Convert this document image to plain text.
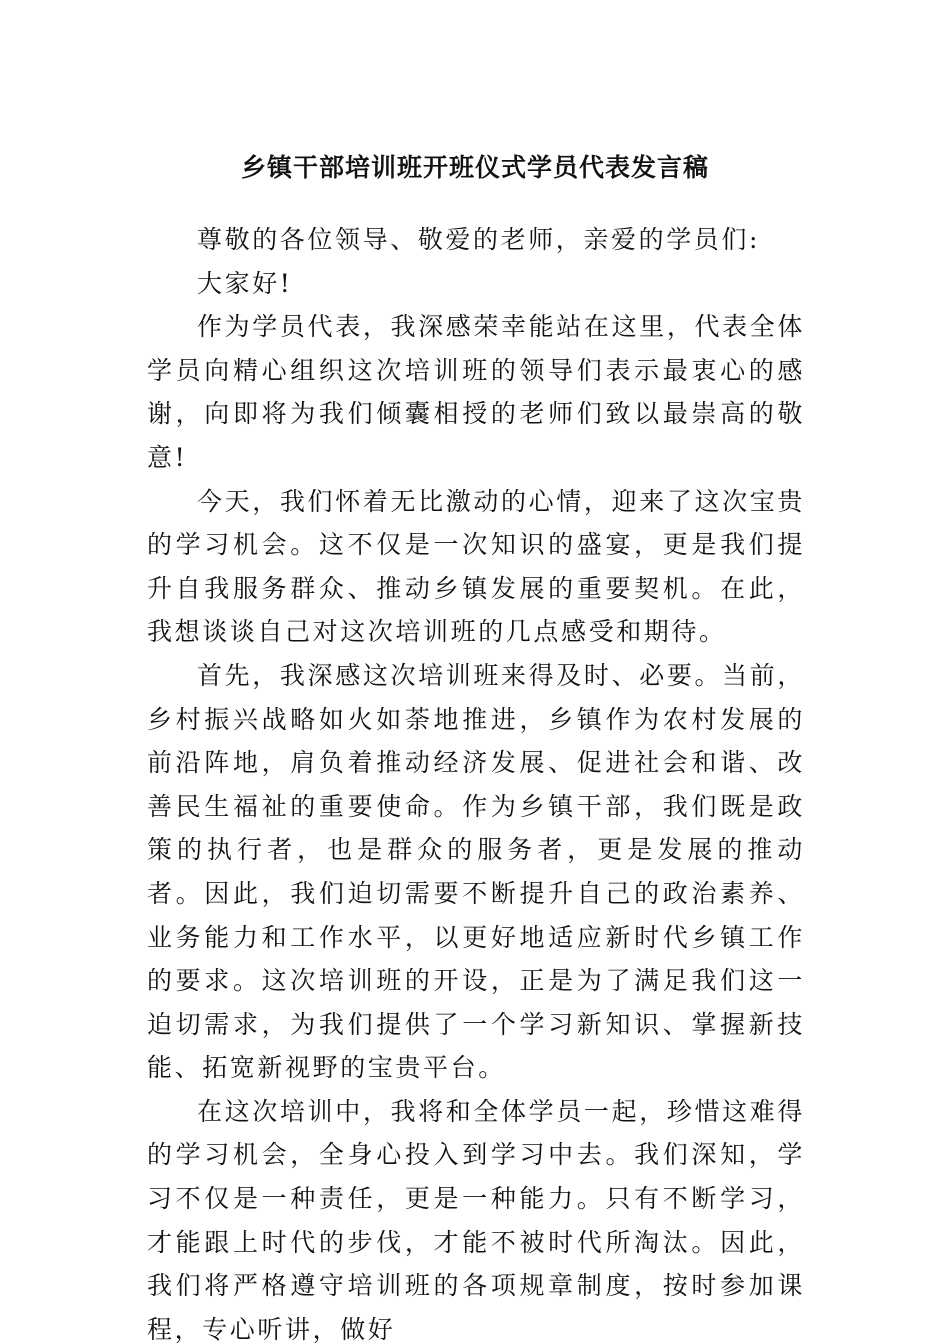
乡镇干部培训班开班仪式学员代表发言稿

尊敬的各位领导、敬爱的老师，亲爱的学员们:

大家好!

作为学员代表，我深感荣幸能站在这里，代表全体学员向精心组织这次培训班的领导们表示最衷心的感谢，向即将为我们倾囊相授的老师们致以最崇高的敬意!

今天，我们怀着无比激动的心情，迎来了这次宝贵的学习机会。这不仅是一次知识的盛宴，更是我们提升自我服务群众、推动乡镇发展的重要契机。在此，我想谈谈自己对这次培训班的几点感受和期待。

首先，我深感这次培训班来得及时、必要。当前，乡村振兴战略如火如荼地推进，乡镇作为农村发展的前沿阵地，肩负着推动经济发展、促进社会和谐、改善民生福祉的重要使命。作为乡镇干部，我们既是政策的执行者，也是群众的服务者，更是发展的推动者。因此，我们迫切需要不断提升自己的政治素养、业务能力和工作水平，以更好地适应新时代乡镇工作的要求。这次培训班的开设，正是为了满足我们这一迫切需求，为我们提供了一个学习新知识、掌握新技能、拓宽新视野的宝贵平台。

在这次培训中，我将和全体学员一起，珍惜这难得的学习机会，全身心投入到学习中去。我们深知，学习不仅是一种责任，更是一种能力。只有不断学习，才能跟上时代的步伐，才能不被时代所淘汰。因此，我们将严格遵守培训班的各项规章制度，按时参加课程，专心听讲，做好
